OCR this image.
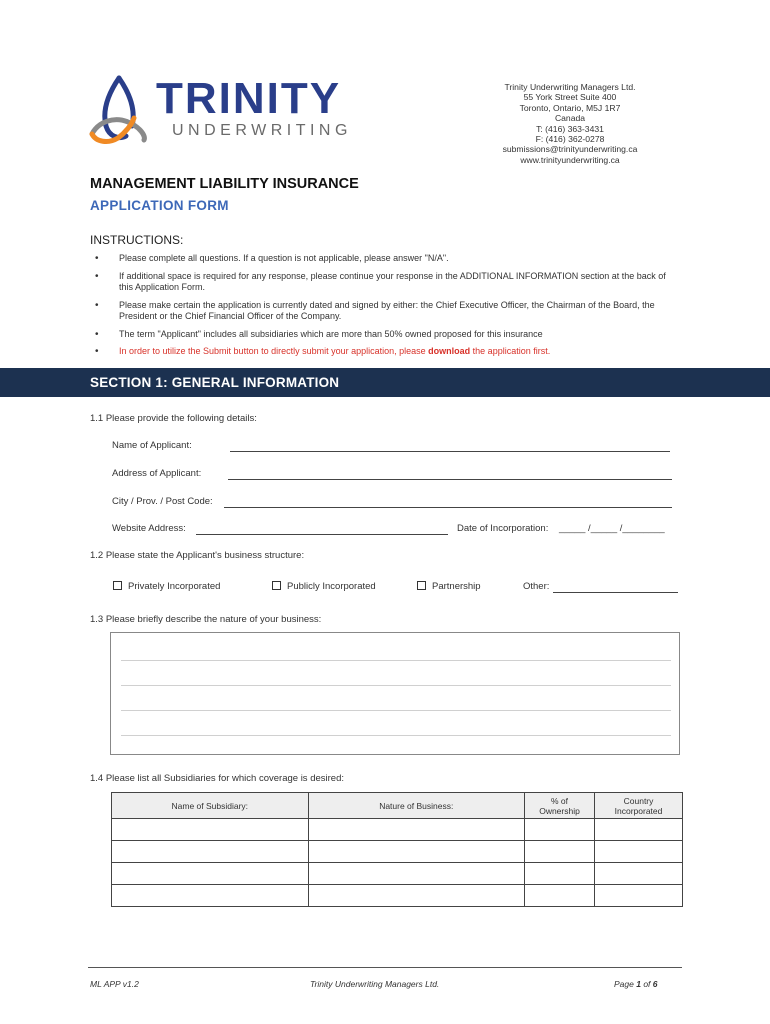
TRINITY
UNDERWRITING
Trinity Underwriting Managers Ltd.
55 York Street Suite 400
Toronto, Ontario, M5J 1R7
Canada
T: (416) 363-3431
F: (416) 362-0278
submissions@trinityunderwriting.ca
www.trinityunderwriting.ca
MANAGEMENT LIABILITY INSURANCE
APPLICATION FORM
INSTRUCTIONS:
• Please complete all questions. If a question is not applicable, please answer "N/A".
• If additional space is required for any response, please continue your response in the ADDITIONAL INFORMATION section at the back of this Application Form.
• Please make certain the application is currently dated and signed by either: the Chief Executive Officer, the Chairman of the Board, the President or the Chief Financial Officer of the Company.
• The term "Applicant" includes all subsidiaries which are more than 50% owned proposed for this insurance
• In order to utilize the Submit button to directly submit your application, please download the application first.
SECTION 1: GENERAL INFORMATION
1.1 Please provide the following details:
Name of Applicant:
Address of Applicant:
City / Prov. / Post Code:
Website Address:	Date of Incorporation: _____ /_____ /________
1.2 Please state the Applicant's business structure:
Privately Incorporated	Publicly Incorporated	Partnership	Other:
1.3 Please briefly describe the nature of your business:
1.4 Please list all Subsidiaries for which coverage is desired:
Name of Subsidiary:	Nature of Business:	% of Ownership	Country Incorporated

ML APP v1.2	Trinity Underwriting Managers Ltd.	Page 1 of 6
